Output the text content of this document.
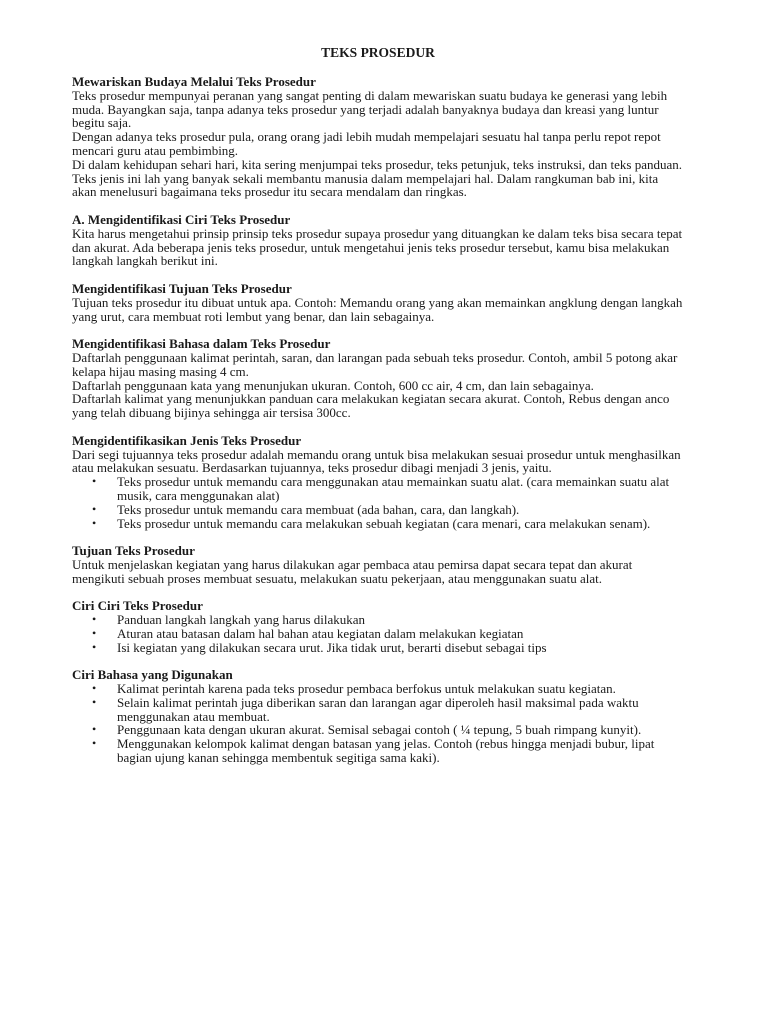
TEKS PROSEDUR
Mewariskan Budaya Melalui Teks Prosedur
Teks prosedur mempunyai peranan yang sangat penting di dalam mewariskan suatu budaya ke generasi yang lebih muda. Bayangkan saja, tanpa adanya teks prosedur yang terjadi adalah banyaknya budaya dan kreasi yang luntur begitu saja.
Dengan adanya teks prosedur pula, orang orang jadi lebih mudah mempelajari sesuatu hal tanpa perlu repot repot mencari guru atau pembimbing.
Di dalam kehidupan sehari hari, kita sering menjumpai teks prosedur, teks petunjuk, teks instruksi, dan teks panduan. Teks jenis ini lah yang banyak sekali membantu manusia dalam mempelajari hal. Dalam rangkuman bab ini, kita akan menelusuri bagaimana teks prosedur itu secara mendalam dan ringkas.
A. Mengidentifikasi Ciri Teks Prosedur
Kita harus mengetahui prinsip prinsip teks prosedur supaya prosedur yang dituangkan ke dalam teks bisa secara tepat dan akurat. Ada beberapa jenis teks prosedur, untuk mengetahui jenis teks prosedur tersebut, kamu bisa melakukan langkah langkah berikut ini.
Mengidentifikasi Tujuan Teks Prosedur
Tujuan teks prosedur itu dibuat untuk apa. Contoh: Memandu orang yang akan memainkan angklung dengan langkah yang urut, cara membuat roti lembut yang benar, dan lain sebagainya.
Mengidentifikasi Bahasa dalam Teks Prosedur
Daftarlah penggunaan kalimat perintah, saran, dan larangan pada sebuah teks prosedur. Contoh, ambil 5 potong akar kelapa hijau masing masing 4 cm.
Daftarlah penggunaan kata yang menunjukan ukuran. Contoh, 600 cc air, 4 cm, dan lain sebagainya.
Daftarlah kalimat yang menunjukkan panduan cara melakukan kegiatan secara akurat. Contoh, Rebus dengan anco yang telah dibuang bijinya sehingga air tersisa 300cc.
Mengidentifikasikan Jenis Teks Prosedur
Dari segi tujuannya teks prosedur adalah memandu orang untuk bisa melakukan sesuai prosedur untuk menghasilkan atau melakukan sesuatu. Berdasarkan tujuannya, teks prosedur dibagi menjadi 3 jenis, yaitu.
• Teks prosedur untuk memandu cara menggunakan atau memainkan suatu alat. (cara memainkan suatu alat musik, cara menggunakan alat)
• Teks prosedur untuk memandu cara membuat (ada bahan, cara, dan langkah).
• Teks prosedur untuk memandu cara melakukan sebuah kegiatan (cara menari, cara melakukan senam).
Tujuan Teks Prosedur
Untuk menjelaskan kegiatan yang harus dilakukan agar pembaca atau pemirsa dapat secara tepat dan akurat mengikuti sebuah proses membuat sesuatu, melakukan suatu pekerjaan, atau menggunakan suatu alat.
Ciri Ciri Teks Prosedur
• Panduan langkah langkah yang harus dilakukan
• Aturan atau batasan dalam hal bahan atau kegiatan dalam melakukan kegiatan
• Isi kegiatan yang dilakukan secara urut. Jika tidak urut, berarti disebut sebagai tips
Ciri Bahasa yang Digunakan
• Kalimat perintah karena pada teks prosedur pembaca berfokus untuk melakukan suatu kegiatan.
• Selain kalimat perintah juga diberikan saran dan larangan agar diperoleh hasil maksimal pada waktu menggunakan atau membuat.
• Penggunaan kata dengan ukuran akurat. Semisal sebagai contoh ( ¼ tepung, 5 buah rimpang kunyit).
• Menggunakan kelompok kalimat dengan batasan yang jelas. Contoh (rebus hingga menjadi bubur, lipat bagian ujung kanan sehingga membentuk segitiga sama kaki).
